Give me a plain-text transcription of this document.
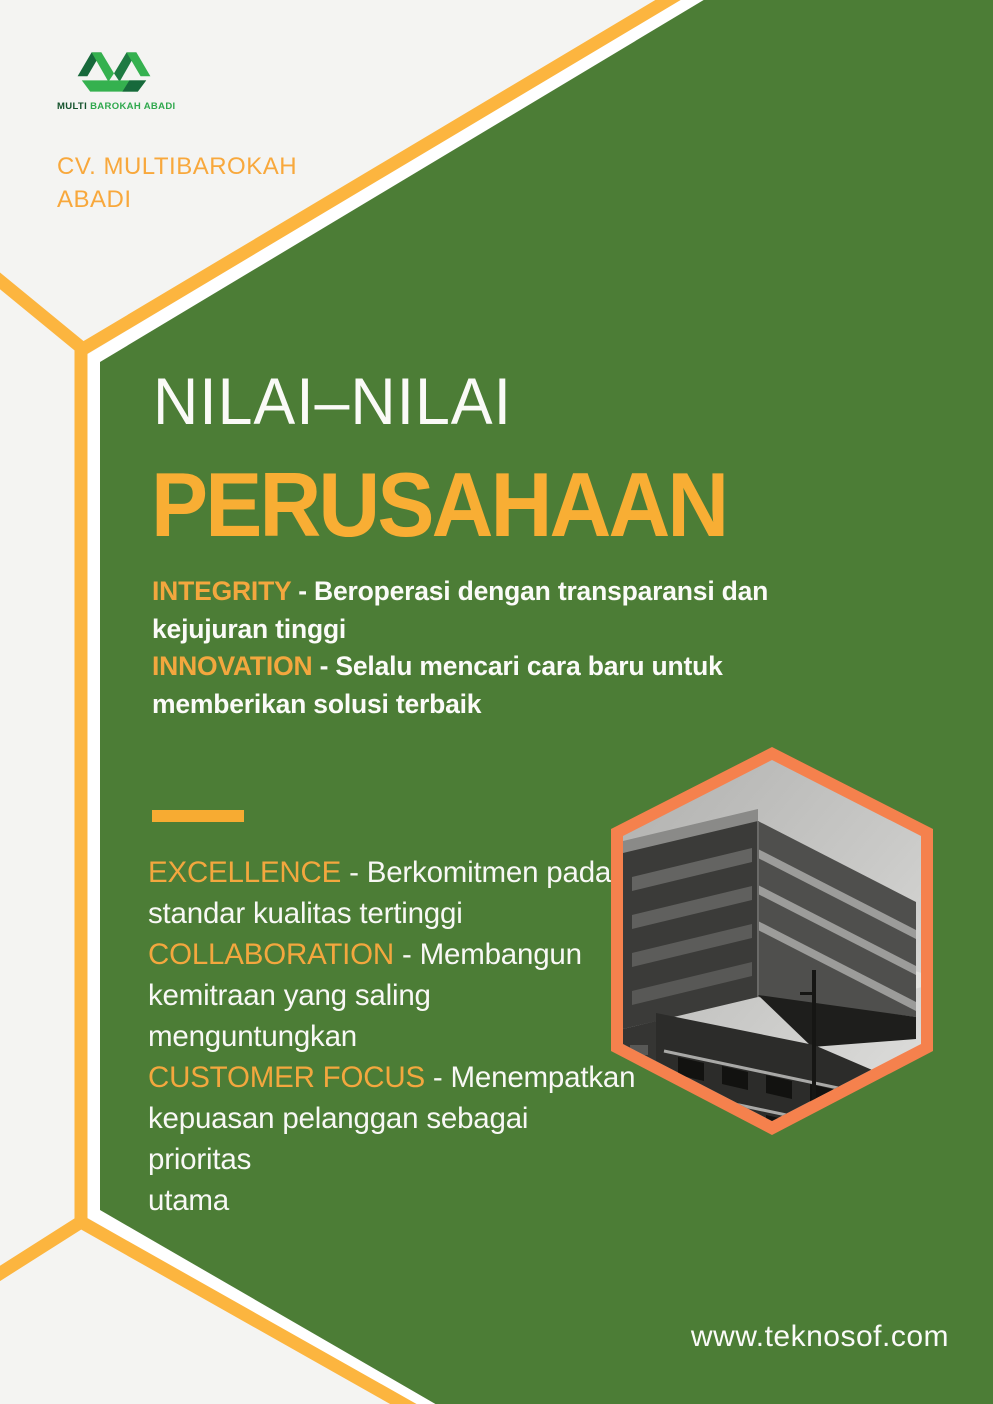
MULTI BAROKAH ABADI
CV. MULTIBAROKAH
ABADI
NILAI–NILAI
PERUSAHAAN
INTEGRITY - Beroperasi dengan transparansi dan
kejujuran tinggi
INNOVATION - Selalu mencari cara baru untuk
memberikan solusi terbaik
EXCELLENCE - Berkomitmen pada
standar kualitas tertinggi
COLLABORATION - Membangun
kemitraan yang saling
menguntungkan
CUSTOMER FOCUS - Menempatkan
kepuasan pelanggan sebagai
prioritas
utama
www.teknosof.com
